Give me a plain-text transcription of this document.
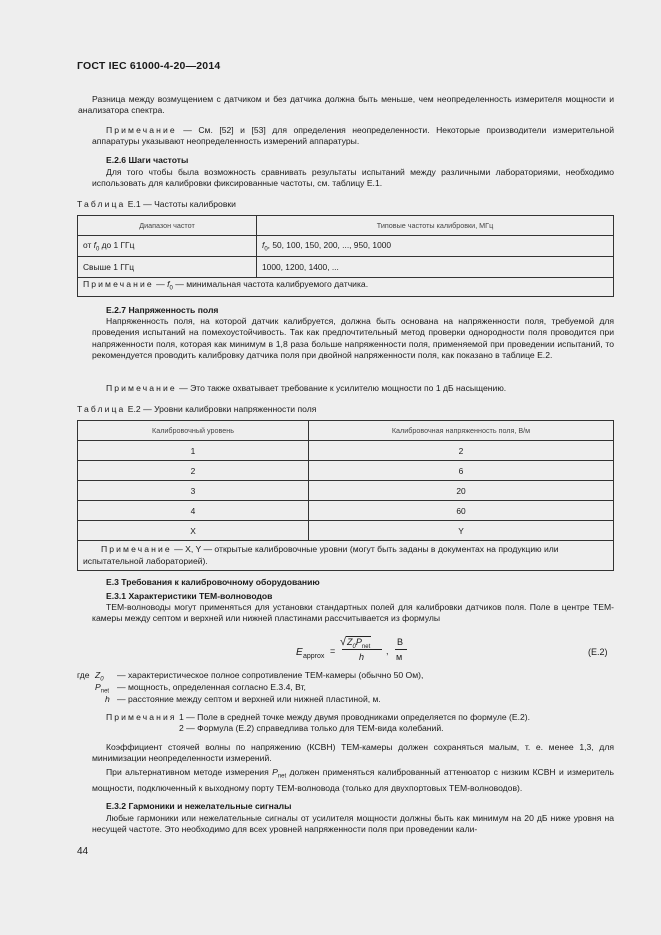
ГОСТ IEC 61000-4-20—2014
Разница между возмущением с датчиком и без датчика должна быть меньше, чем неопределенность измерителя мощности и анализатора спектра.
Примечание — См. [52] и [53] для определения неопределенности. Некоторые производители измерительной аппаратуры указывают неопределенность измерений аппаратуры.
E.2.6 Шаги частоты
Для того чтобы была возможность сравнивать результаты испытаний между различными лабораториями, необходимо использовать для калибровки фиксированные частоты, см. таблицу Е.1.
Таблица Е.1 — Частоты калибровки
Диапазон частот	Типовые частоты калибровки, МГц
от $f_0$ до 1 ГГц	$f_0$, 50, 100, 150, 200, ..., 950, 1000
Свыше 1 ГГц	1000, 1200, 1400, ...
Примечание — $f_0$ — минимальная частота калибруемого датчика.	
E.2.7 Напряженность поля
Напряженность поля, на которой датчик калибруется, должна быть основана на напряженности поля, требуемой для проведения испытаний на помехоустойчивость. Так как предпочтительный метод проверки однородности поля проводится при напряженности поля, которая как минимум в 1,8 раза больше напряженности поля, применяемой при проведении испытаний, то рекомендуется проводить калибровку датчика поля при двойной напряженности поля, как показано в таблице Е.2.
Примечание — Это также охватывает требование к усилителю мощности по 1 дБ насыщению.
Таблица Е.2 — Уровни калибровки напряженности поля
Калибровочный уровень	Калибровочная напряженность поля, В/м
1	2
2	6
3	20
4	60
X	Y
Примечание — X, Y — открытые калибровочные уровни (могут быть заданы в документах на продукцию или испытательной лабораторией).	
E.3 Требования к калибровочному оборудованию
E.3.1 Характеристики ТЕМ-волноводов
ТЕМ-волноводы могут применяться для установки стандартных полей для калибровки датчиков поля. Поле в центре ТЕМ-камеры между септом и верхней или нижней пластинами рассчитывается из формулы
E approx
=
$√Z_0P_{net}$
h
,
В
м	(Е.2)
где $Z_0$ — характеристическое полное сопротивление ТЕМ-камеры (обычно 50 Ом),
$P_{net}$ — мощность, определенная согласно Е.3.4, Вт,
h — расстояние между септом и верхней или нижней пластиной, м.
Примечания 1 — Поле в средней точке между двумя проводниками определяется по формуле (Е.2).
2 — Формула (Е.2) справедлива только для ТЕМ-вида колебаний.
Коэффициент стоячей волны по напряжению (КСВН) ТЕМ-камеры должен сохраняться малым, т. е. менее 1,3, для минимизации неопределенности измерений.
При альтернативном методе измерения $P_{net}$ должен применяться калиброванный аттенюатор с низким КСВН и измеритель мощности, подключенный к выходному порту ТЕМ-волновода (только для двухпортовых ТЕМ-волноводов).
E.3.2 Гармоники и нежелательные сигналы
Любые гармоники или нежелательные сигналы от усилителя мощности должны быть как минимум на 20 дБ ниже уровня на несущей частоте. Это необходимо для всех уровней напряженности поля при проведении кали-
44
